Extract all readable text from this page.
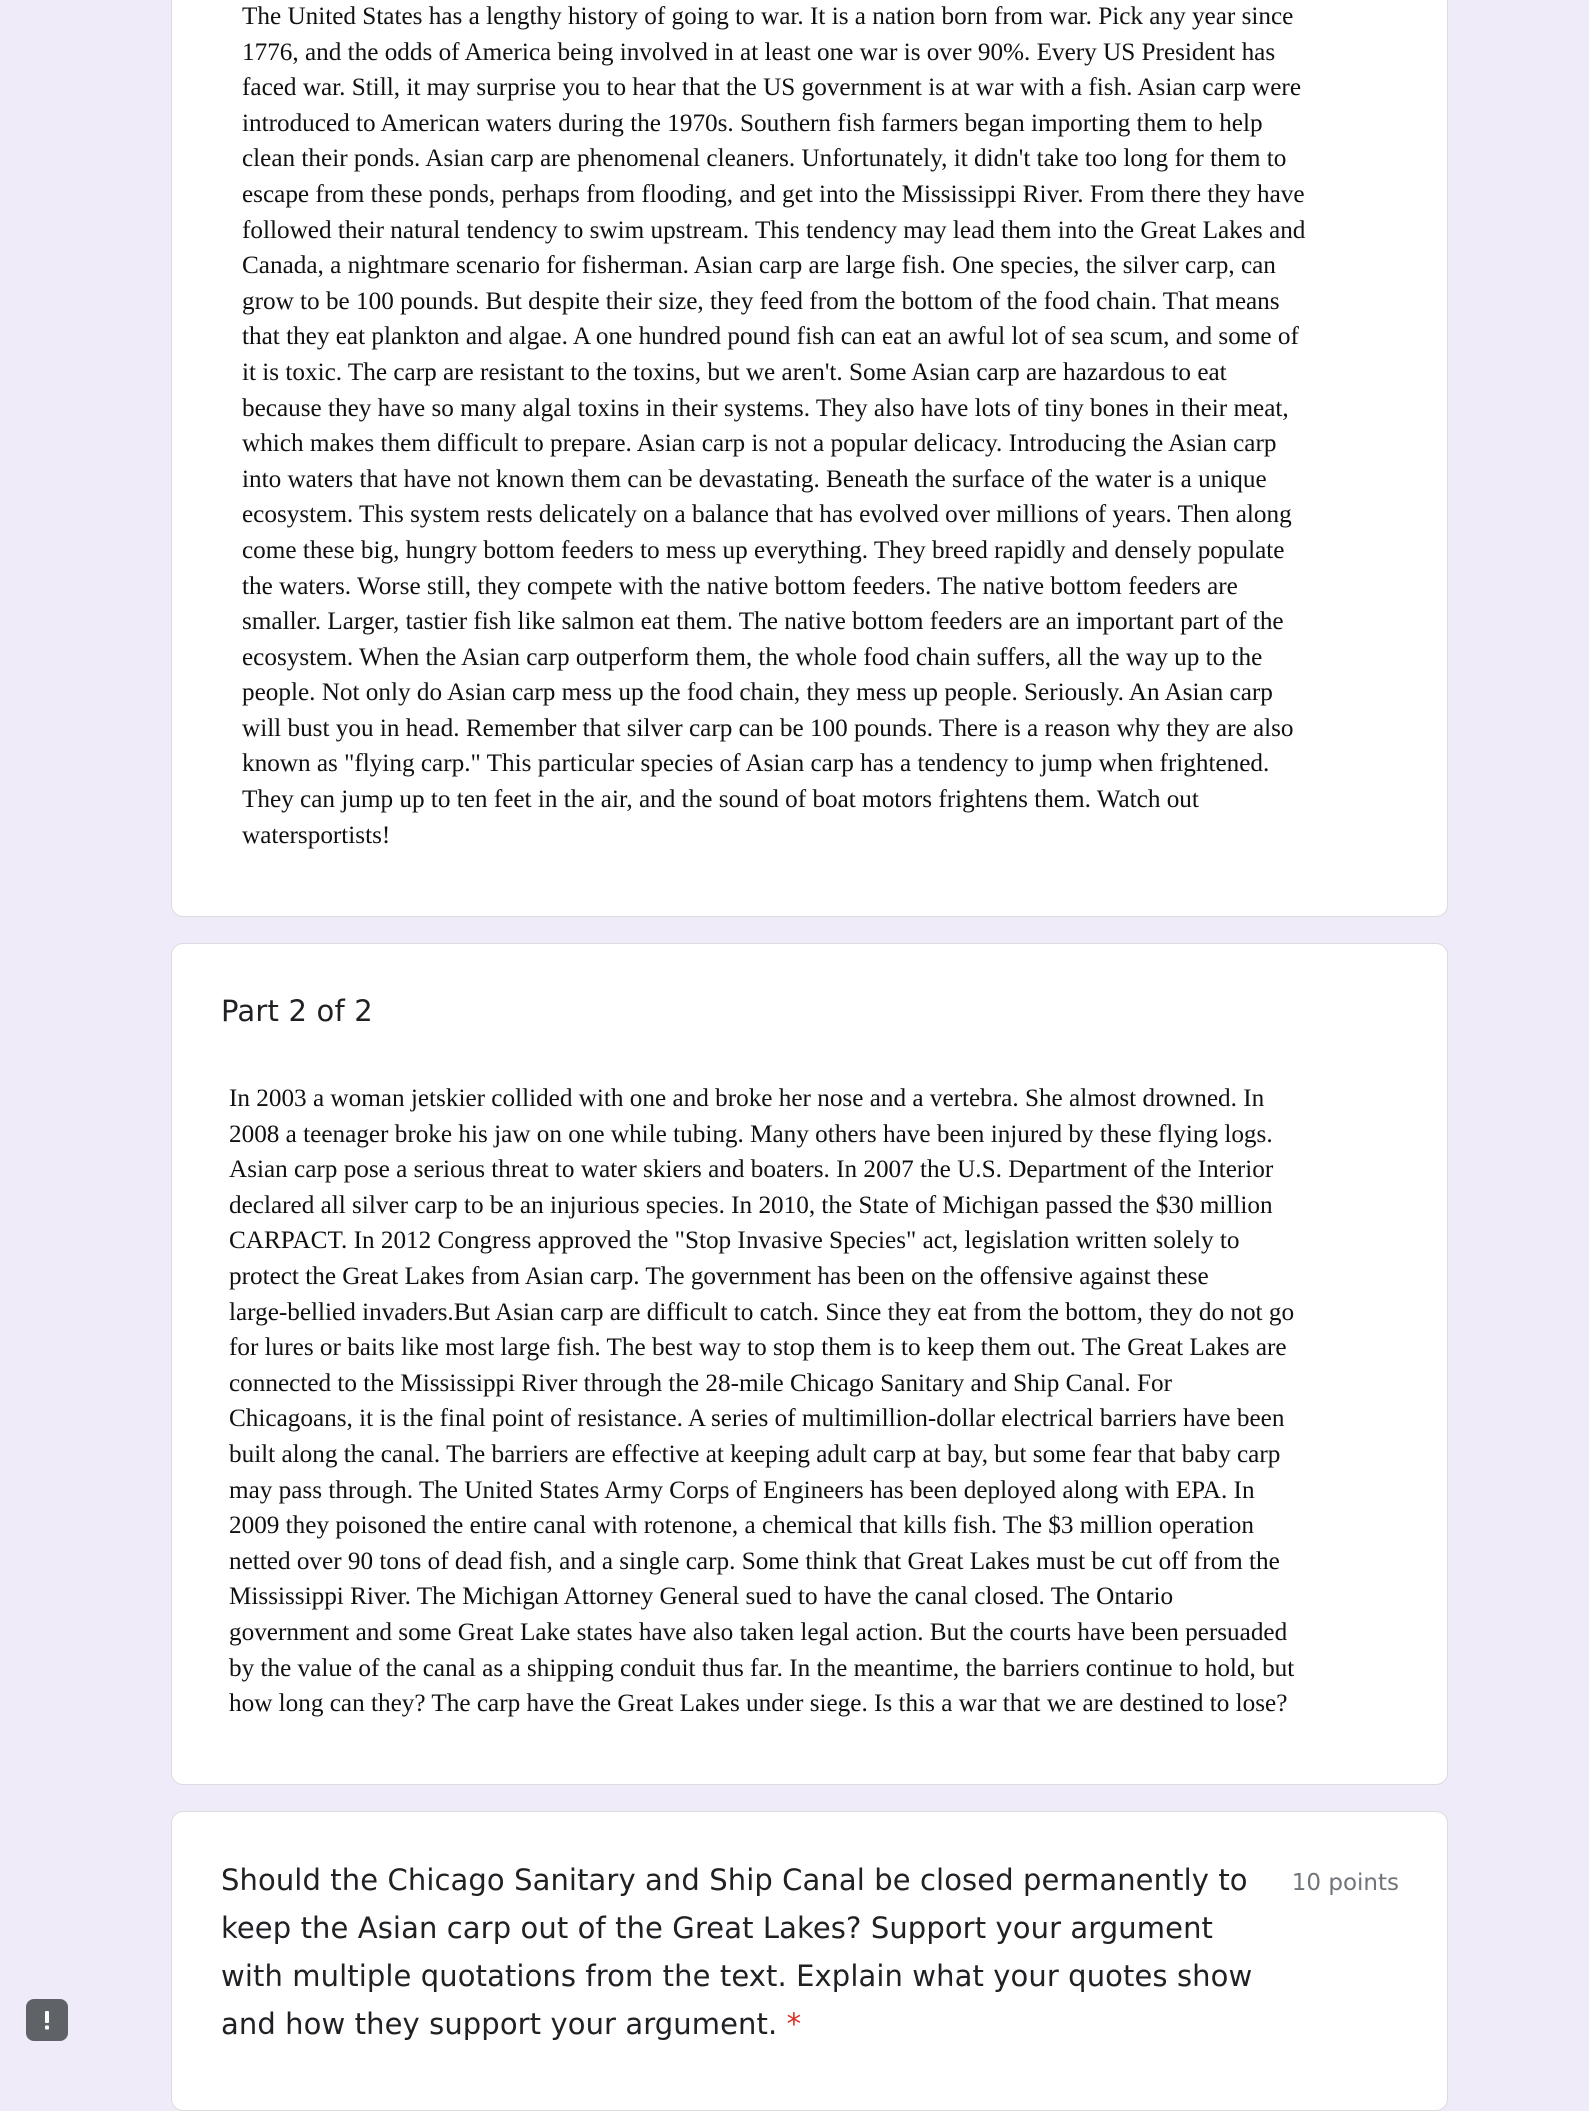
The United States has a lengthy history of going to war. It is a nation born from war. Pick any year since
1776, and the odds of America being involved in at least one war is over 90%. Every US President has
faced war. Still, it may surprise you to hear that the US government is at war with a fish. Asian carp were
introduced to American waters during the 1970s. Southern fish farmers began importing them to help
clean their ponds. Asian carp are phenomenal cleaners. Unfortunately, it didn't take too long for them to
escape from these ponds, perhaps from flooding, and get into the Mississippi River. From there they have
followed their natural tendency to swim upstream. This tendency may lead them into the Great Lakes and
Canada, a nightmare scenario for fisherman. Asian carp are large fish. One species, the silver carp, can
grow to be 100 pounds. But despite their size, they feed from the bottom of the food chain. That means
that they eat plankton and algae. A one hundred pound fish can eat an awful lot of sea scum, and some of
it is toxic. The carp are resistant to the toxins, but we aren't. Some Asian carp are hazardous to eat
because they have so many algal toxins in their systems. They also have lots of tiny bones in their meat,
which makes them difficult to prepare. Asian carp is not a popular delicacy. Introducing the Asian carp
into waters that have not known them can be devastating. Beneath the surface of the water is a unique
ecosystem. This system rests delicately on a balance that has evolved over millions of years. Then along
come these big, hungry bottom feeders to mess up everything. They breed rapidly and densely populate
the waters. Worse still, they compete with the native bottom feeders. The native bottom feeders are
smaller. Larger, tastier fish like salmon eat them. The native bottom feeders are an important part of the
ecosystem. When the Asian carp outperform them, the whole food chain suffers, all the way up to the
people. Not only do Asian carp mess up the food chain, they mess up people. Seriously. An Asian carp
will bust you in head. Remember that silver carp can be 100 pounds. There is a reason why they are also
known as "flying carp." This particular species of Asian carp has a tendency to jump when frightened.
They can jump up to ten feet in the air, and the sound of boat motors frightens them. Watch out
watersportists!

Part 2 of 2

In 2003 a woman jetskier collided with one and broke her nose and a vertebra. She almost drowned. In
2008 a teenager broke his jaw on one while tubing. Many others have been injured by these flying logs.
Asian carp pose a serious threat to water skiers and boaters. In 2007 the U.S. Department of the Interior
declared all silver carp to be an injurious species. In 2010, the State of Michigan passed the $30 million
CARPACT. In 2012 Congress approved the "Stop Invasive Species" act, legislation written solely to
protect the Great Lakes from Asian carp. The government has been on the offensive against these
large-bellied invaders.But Asian carp are difficult to catch. Since they eat from the bottom, they do not go
for lures or baits like most large fish. The best way to stop them is to keep them out. The Great Lakes are
connected to the Mississippi River through the 28-mile Chicago Sanitary and Ship Canal. For
Chicagoans, it is the final point of resistance. A series of multimillion-dollar electrical barriers have been
built along the canal. The barriers are effective at keeping adult carp at bay, but some fear that baby carp
may pass through. The United States Army Corps of Engineers has been deployed along with EPA. In
2009 they poisoned the entire canal with rotenone, a chemical that kills fish. The $3 million operation
netted over 90 tons of dead fish, and a single carp. Some think that Great Lakes must be cut off from the
Mississippi River. The Michigan Attorney General sued to have the canal closed. The Ontario
government and some Great Lake states have also taken legal action. But the courts have been persuaded
by the value of the canal as a shipping conduit thus far. In the meantime, the barriers continue to hold, but
how long can they? The carp have the Great Lakes under siege. Is this a war that we are destined to lose?

Should the Chicago Sanitary and Ship Canal be closed permanently to keep the Asian carp out of the Great Lakes? Support your argument with multiple quotations from the text. Explain what your quotes show and how they support your argument. *

10 points
